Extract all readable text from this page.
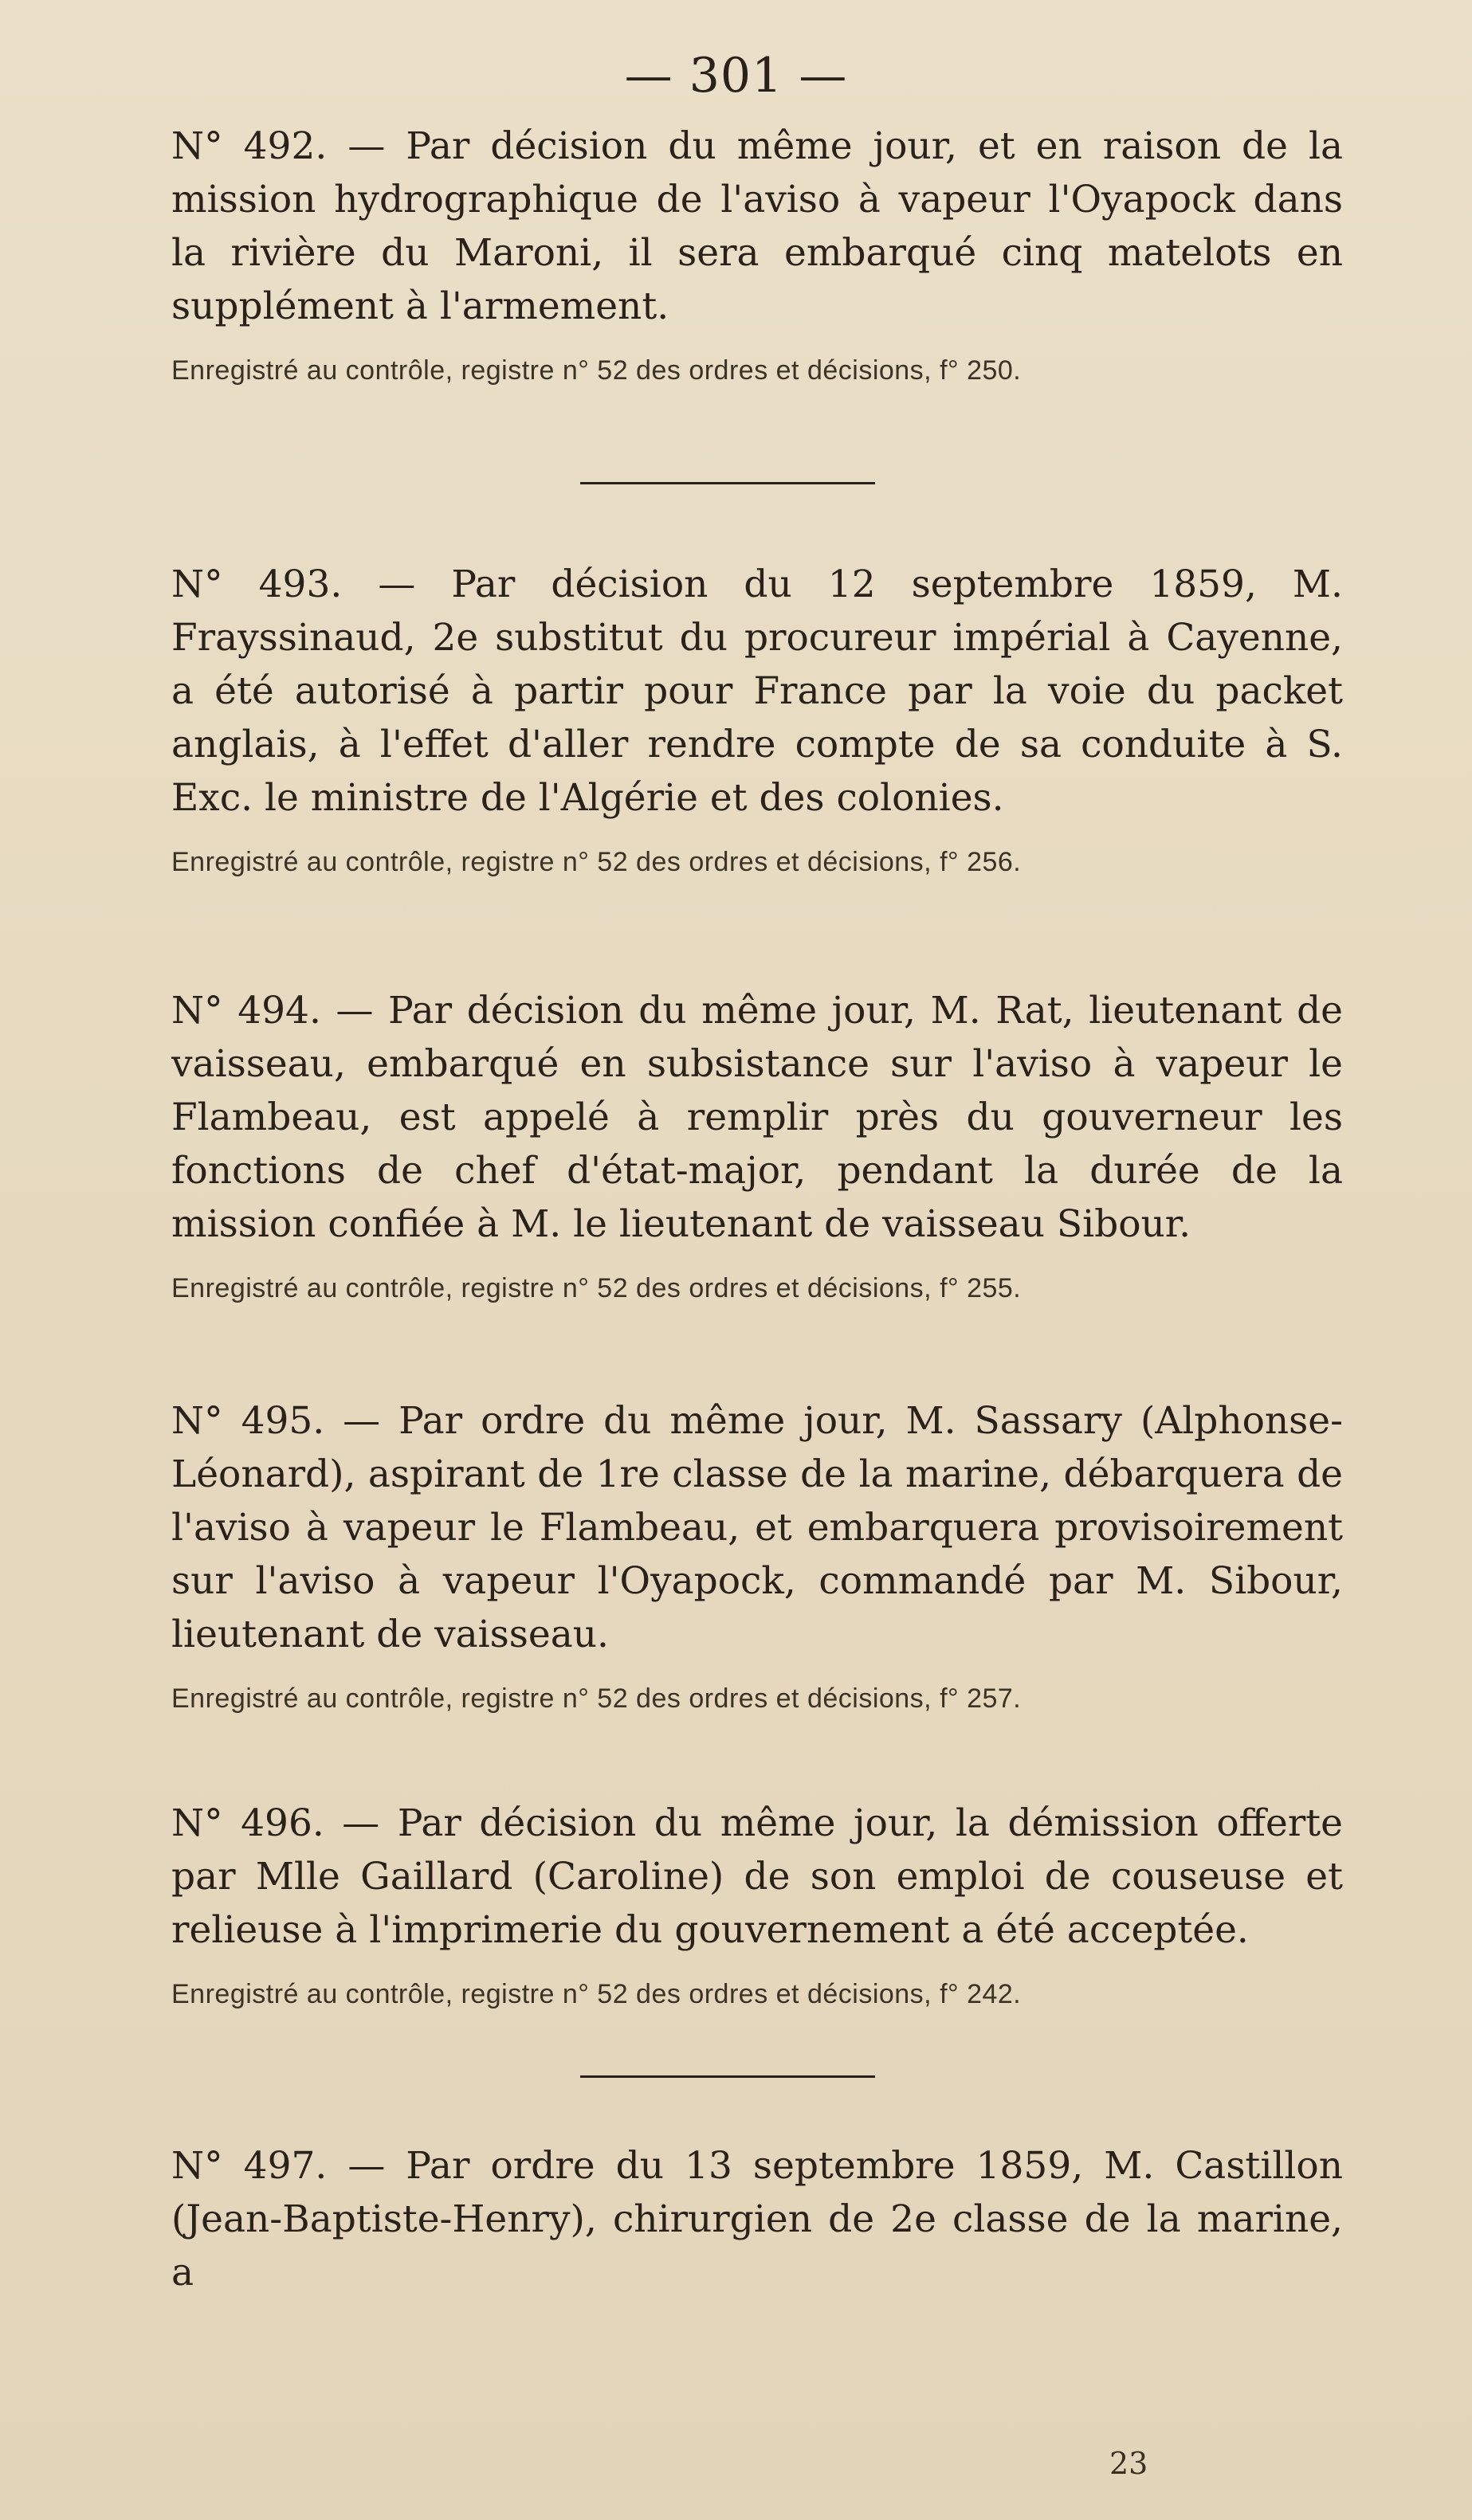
— 301 —

N° 492. — Par décision du même jour, et en raison de la mission hydrographique de l'aviso à vapeur l'Oyapock dans la rivière du Maroni, il sera embarqué cinq matelots en supplément à l'armement.

Enregistré au contrôle, registre n° 52 des ordres et décisions, f° 250.

N° 493. — Par décision du 12 septembre 1859, M. Frayssinaud, 2e substitut du procureur impérial à Cayenne, a été autorisé à partir pour France par la voie du packet anglais, à l'effet d'aller rendre compte de sa conduite à S. Exc. le ministre de l'Algérie et des colonies.

Enregistré au contrôle, registre n° 52 des ordres et décisions, f° 256.

N° 494. — Par décision du même jour, M. Rat, lieutenant de vaisseau, embarqué en subsistance sur l'aviso à vapeur le Flambeau, est appelé à remplir près du gouverneur les fonctions de chef d'état-major, pendant la durée de la mission confiée à M. le lieutenant de vaisseau Sibour.

Enregistré au contrôle, registre n° 52 des ordres et décisions, f° 255.

N° 495. — Par ordre du même jour, M. Sassary (Alphonse-Léonard), aspirant de 1re classe de la marine, débarquera de l'aviso à vapeur le Flambeau, et embarquera provisoirement sur l'aviso à vapeur l'Oyapock, commandé par M. Sibour, lieutenant de vaisseau.

Enregistré au contrôle, registre n° 52 des ordres et décisions, f° 257.

N° 496. — Par décision du même jour, la démission offerte par Mlle Gaillard (Caroline) de son emploi de couseuse et relieuse à l'imprimerie du gouvernement a été acceptée.

Enregistré au contrôle, registre n° 52 des ordres et décisions, f° 242.

N° 497. — Par ordre du 13 septembre 1859, M. Castillon (Jean-Baptiste-Henry), chirurgien de 2e classe de la marine, a

23
